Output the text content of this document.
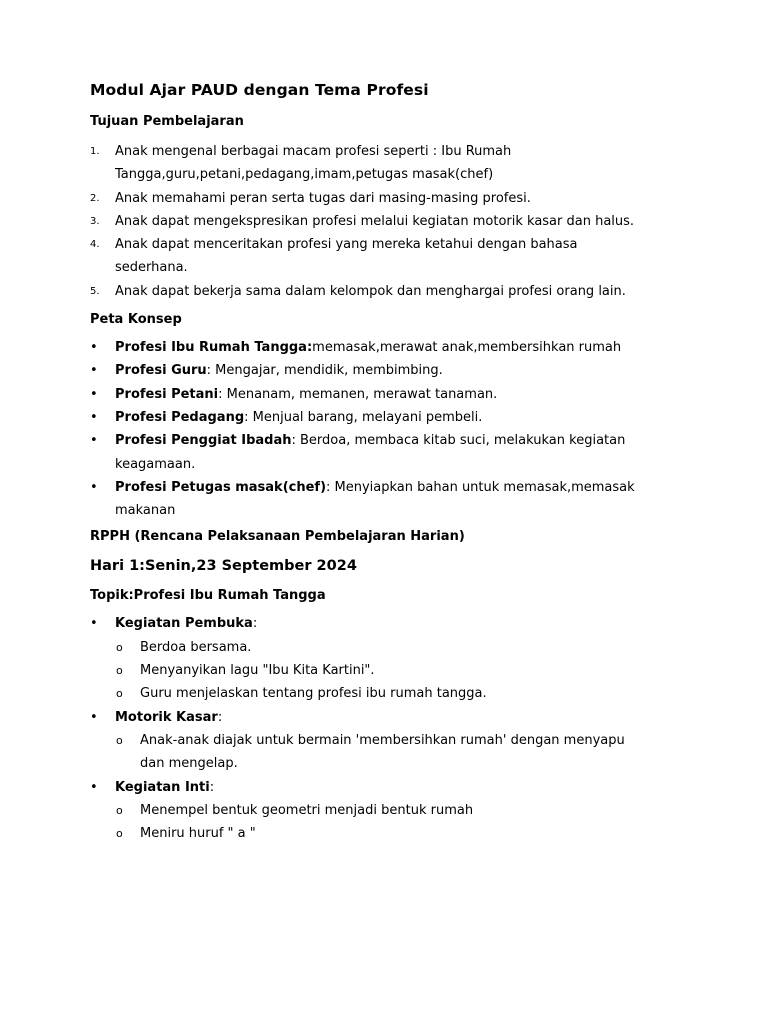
Modul Ajar PAUD dengan Tema Profesi
Tujuan Pembelajaran
1. Anak mengenal berbagai macam profesi seperti : Ibu Rumah
Tangga,guru,petani,pedagang,imam,petugas masak(chef)
2. Anak memahami peran serta tugas dari masing-masing profesi.
3. Anak dapat mengekspresikan profesi melalui kegiatan motorik kasar dan halus.
4. Anak dapat menceritakan profesi yang mereka ketahui dengan bahasa
sederhana.
5. Anak dapat bekerja sama dalam kelompok dan menghargai profesi orang lain.
Peta Konsep
• Profesi Ibu Rumah Tangga:memasak,merawat anak,membersihkan rumah
• Profesi Guru: Mengajar, mendidik, membimbing.
• Profesi Petani: Menanam, memanen, merawat tanaman.
• Profesi Pedagang: Menjual barang, melayani pembeli.
• Profesi Penggiat Ibadah: Berdoa, membaca kitab suci, melakukan kegiatan
keagamaan.
• Profesi Petugas masak(chef): Menyiapkan bahan untuk memasak,memasak
makanan
RPPH (Rencana Pelaksanaan Pembelajaran Harian)
Hari 1:Senin,23 September 2024
Topik:Profesi Ibu Rumah Tangga
• Kegiatan Pembuka:
o Berdoa bersama.
o Menyanyikan lagu "Ibu Kita Kartini".
o Guru menjelaskan tentang profesi ibu rumah tangga.
• Motorik Kasar:
o Anak-anak diajak untuk bermain 'membersihkan rumah' dengan menyapu
dan mengelap.
• Kegiatan Inti:
o Menempel bentuk geometri menjadi bentuk rumah
o Meniru huruf " a "
